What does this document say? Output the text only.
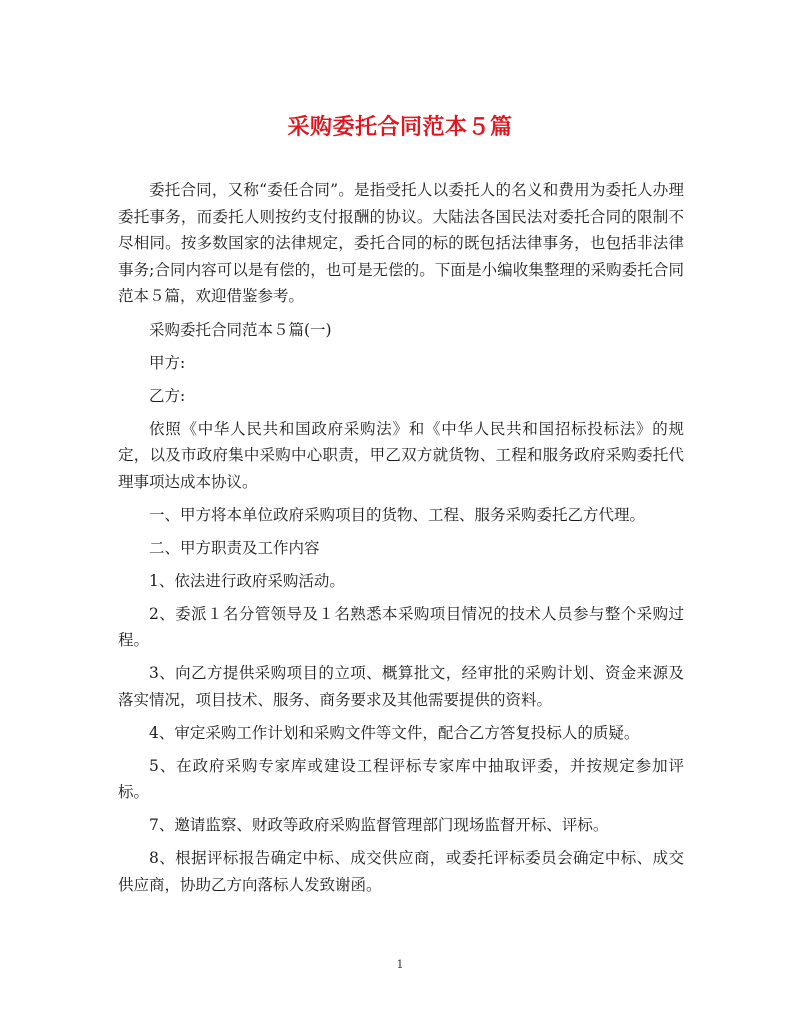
采购委托合同范本５篇

委托合同，又称“委任合同”。是指受托人以委托人的名义和费用为委托人办理委托事务，而委托人则按约支付报酬的协议。大陆法各国民法对委托合同的限制不尽相同。按多数国家的法律规定，委托合同的标的既包括法律事务，也包括非法律事务;合同内容可以是有偿的，也可是无偿的。下面是小编收集整理的采购委托合同范本５篇，欢迎借鉴参考。

采购委托合同范本５篇(一)

甲方:

乙方:

依照《中华人民共和国政府采购法》和《中华人民共和国招标投标法》的规定，以及市政府集中采购中心职责，甲乙双方就货物、工程和服务政府采购委托代理事项达成本协议。

一、甲方将本单位政府采购项目的货物、工程、服务采购委托乙方代理。

二、甲方职责及工作内容

1、依法进行政府采购活动。

2、委派１名分管领导及１名熟悉本采购项目情况的技术人员参与整个采购过程。

3、向乙方提供采购项目的立项、概算批文，经审批的采购计划、资金来源及落实情况，项目技术、服务、商务要求及其他需要提供的资料。

4、审定采购工作计划和采购文件等文件，配合乙方答复投标人的质疑。

5、在政府采购专家库或建设工程评标专家库中抽取评委，并按规定参加评标。

7、邀请监察、财政等政府采购监督管理部门现场监督开标、评标。

8、根据评标报告确定中标、成交供应商，或委托评标委员会确定中标、成交供应商，协助乙方向落标人发致谢函。

1
